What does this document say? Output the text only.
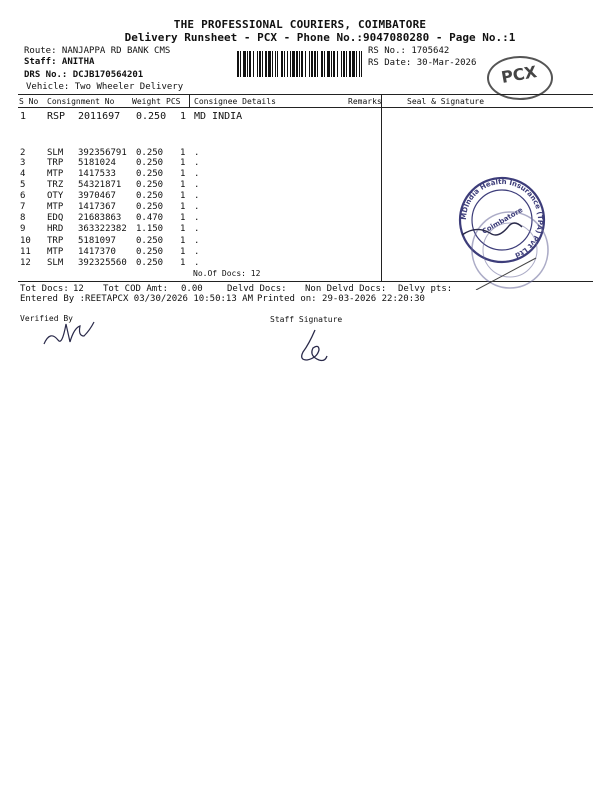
THE PROFESSIONAL COURIERS, COIMBATORE
Delivery Runsheet - PCX - Phone No.:9047080280 - Page No.:1
Route: NANJAPPA RD BANK CMS
Staff: ANITHA
DRS No.: DCJB170564201
Vehicle: Two Wheeler Delivery
RS No.: 1705642
RS Date: 30-Mar-2026	PCX
S No Consignment No Weight PCS Consignee Details	Remarks	Seal & Signature
1 RSP 2011697 0.250 1 MD INDIA
2 SLM 392356791 0.250 1 .
3 TRP 5181024 0.250 1 .
4 MTP 1417533 0.250 1 .
5 TRZ 54321871 0.250 1 .
6 OTY 3970467 0.250 1 .
7 MTP 1417367 0.250 1 .
8 EDQ 21683863 0.470 1 .
9 HRD 363322382 1.150 1 .
10 TRP 5181097 0.250 1 .
11 MTP 1417370 0.250 1 .
12 SLM 392325560 0.250 1 .
No.Of Docs: 12
MDIndia Health Insurance (TPA) Pvt Ltd
Coimbatore
Tot Docs: 12 Tot COD Amt: 0.00	Delvd Docs: Non Delvd Docs: Delvy pts:
Entered By :REETAPCX 03/30/2026 10:50:13 AM Printed on: 29-03-2026 22:20:30
Verified By	Staff Signature
